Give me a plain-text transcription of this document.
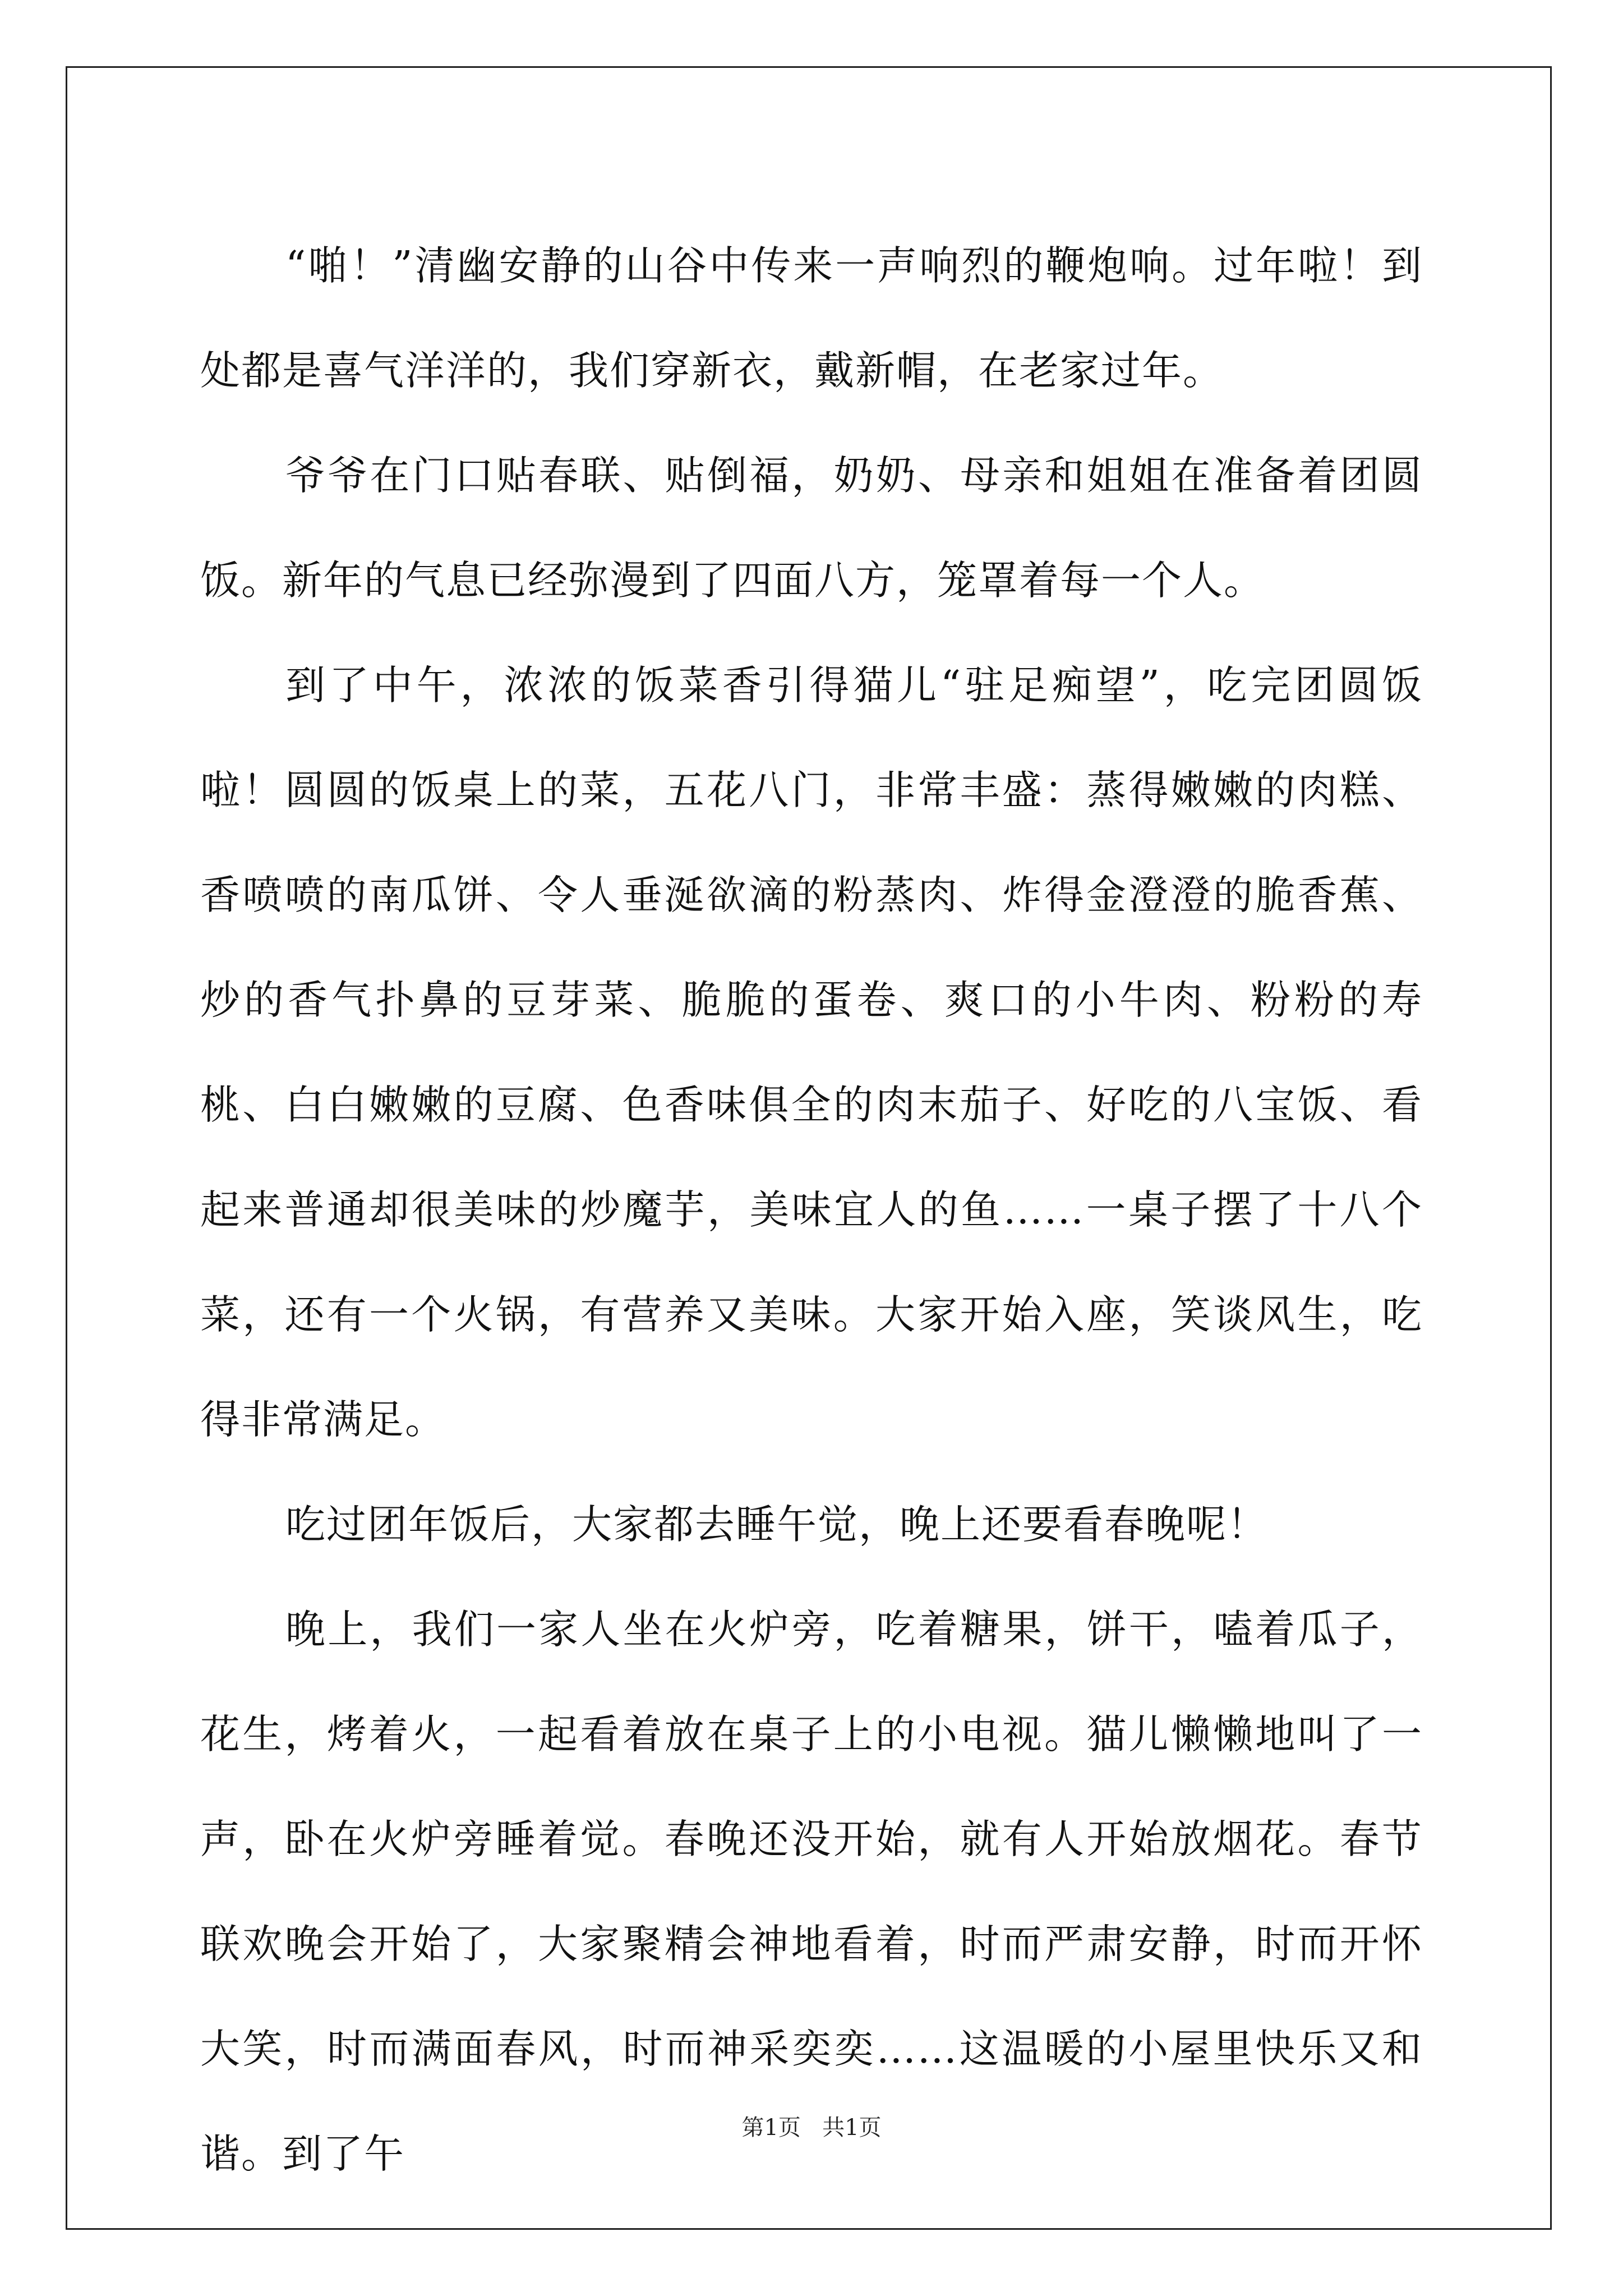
“啪！”清幽安静的山谷中传来一声响烈的鞭炮响。过年啦！到处都是喜气洋洋的，我们穿新衣，戴新帽，在老家过年。

爷爷在门口贴春联、贴倒福，奶奶、母亲和姐姐在准备着团圆饭。新年的气息已经弥漫到了四面八方，笼罩着每一个人。

到了中午，浓浓的饭菜香引得猫儿“驻足痴望”，吃完团圆饭啦！圆圆的饭桌上的菜，五花八门，非常丰盛：蒸得嫩嫩的肉糕、香喷喷的南瓜饼、令人垂涎欲滴的粉蒸肉、炸得金澄澄的脆香蕉、炒的香气扑鼻的豆芽菜、脆脆的蛋卷、爽口的小牛肉、粉粉的寿桃、白白嫩嫩的豆腐、色香味俱全的肉末茄子、好吃的八宝饭、看起来普通却很美味的炒魔芋，美味宜人的鱼……一桌子摆了十八个菜，还有一个火锅，有营养又美味。大家开始入座，笑谈风生，吃得非常满足。

吃过团年饭后，大家都去睡午觉，晚上还要看春晚呢！

晚上，我们一家人坐在火炉旁，吃着糖果，饼干，嗑着瓜子，花生，烤着火，一起看着放在桌子上的小电视。猫儿懒懒地叫了一声，卧在火炉旁睡着觉。春晚还没开始，就有人开始放烟花。春节联欢晚会开始了，大家聚精会神地看着，时而严肃安静，时而开怀大笑，时而满面春风，时而神采奕奕……这温暖的小屋里快乐又和谐。到了午

第1页 共1页
